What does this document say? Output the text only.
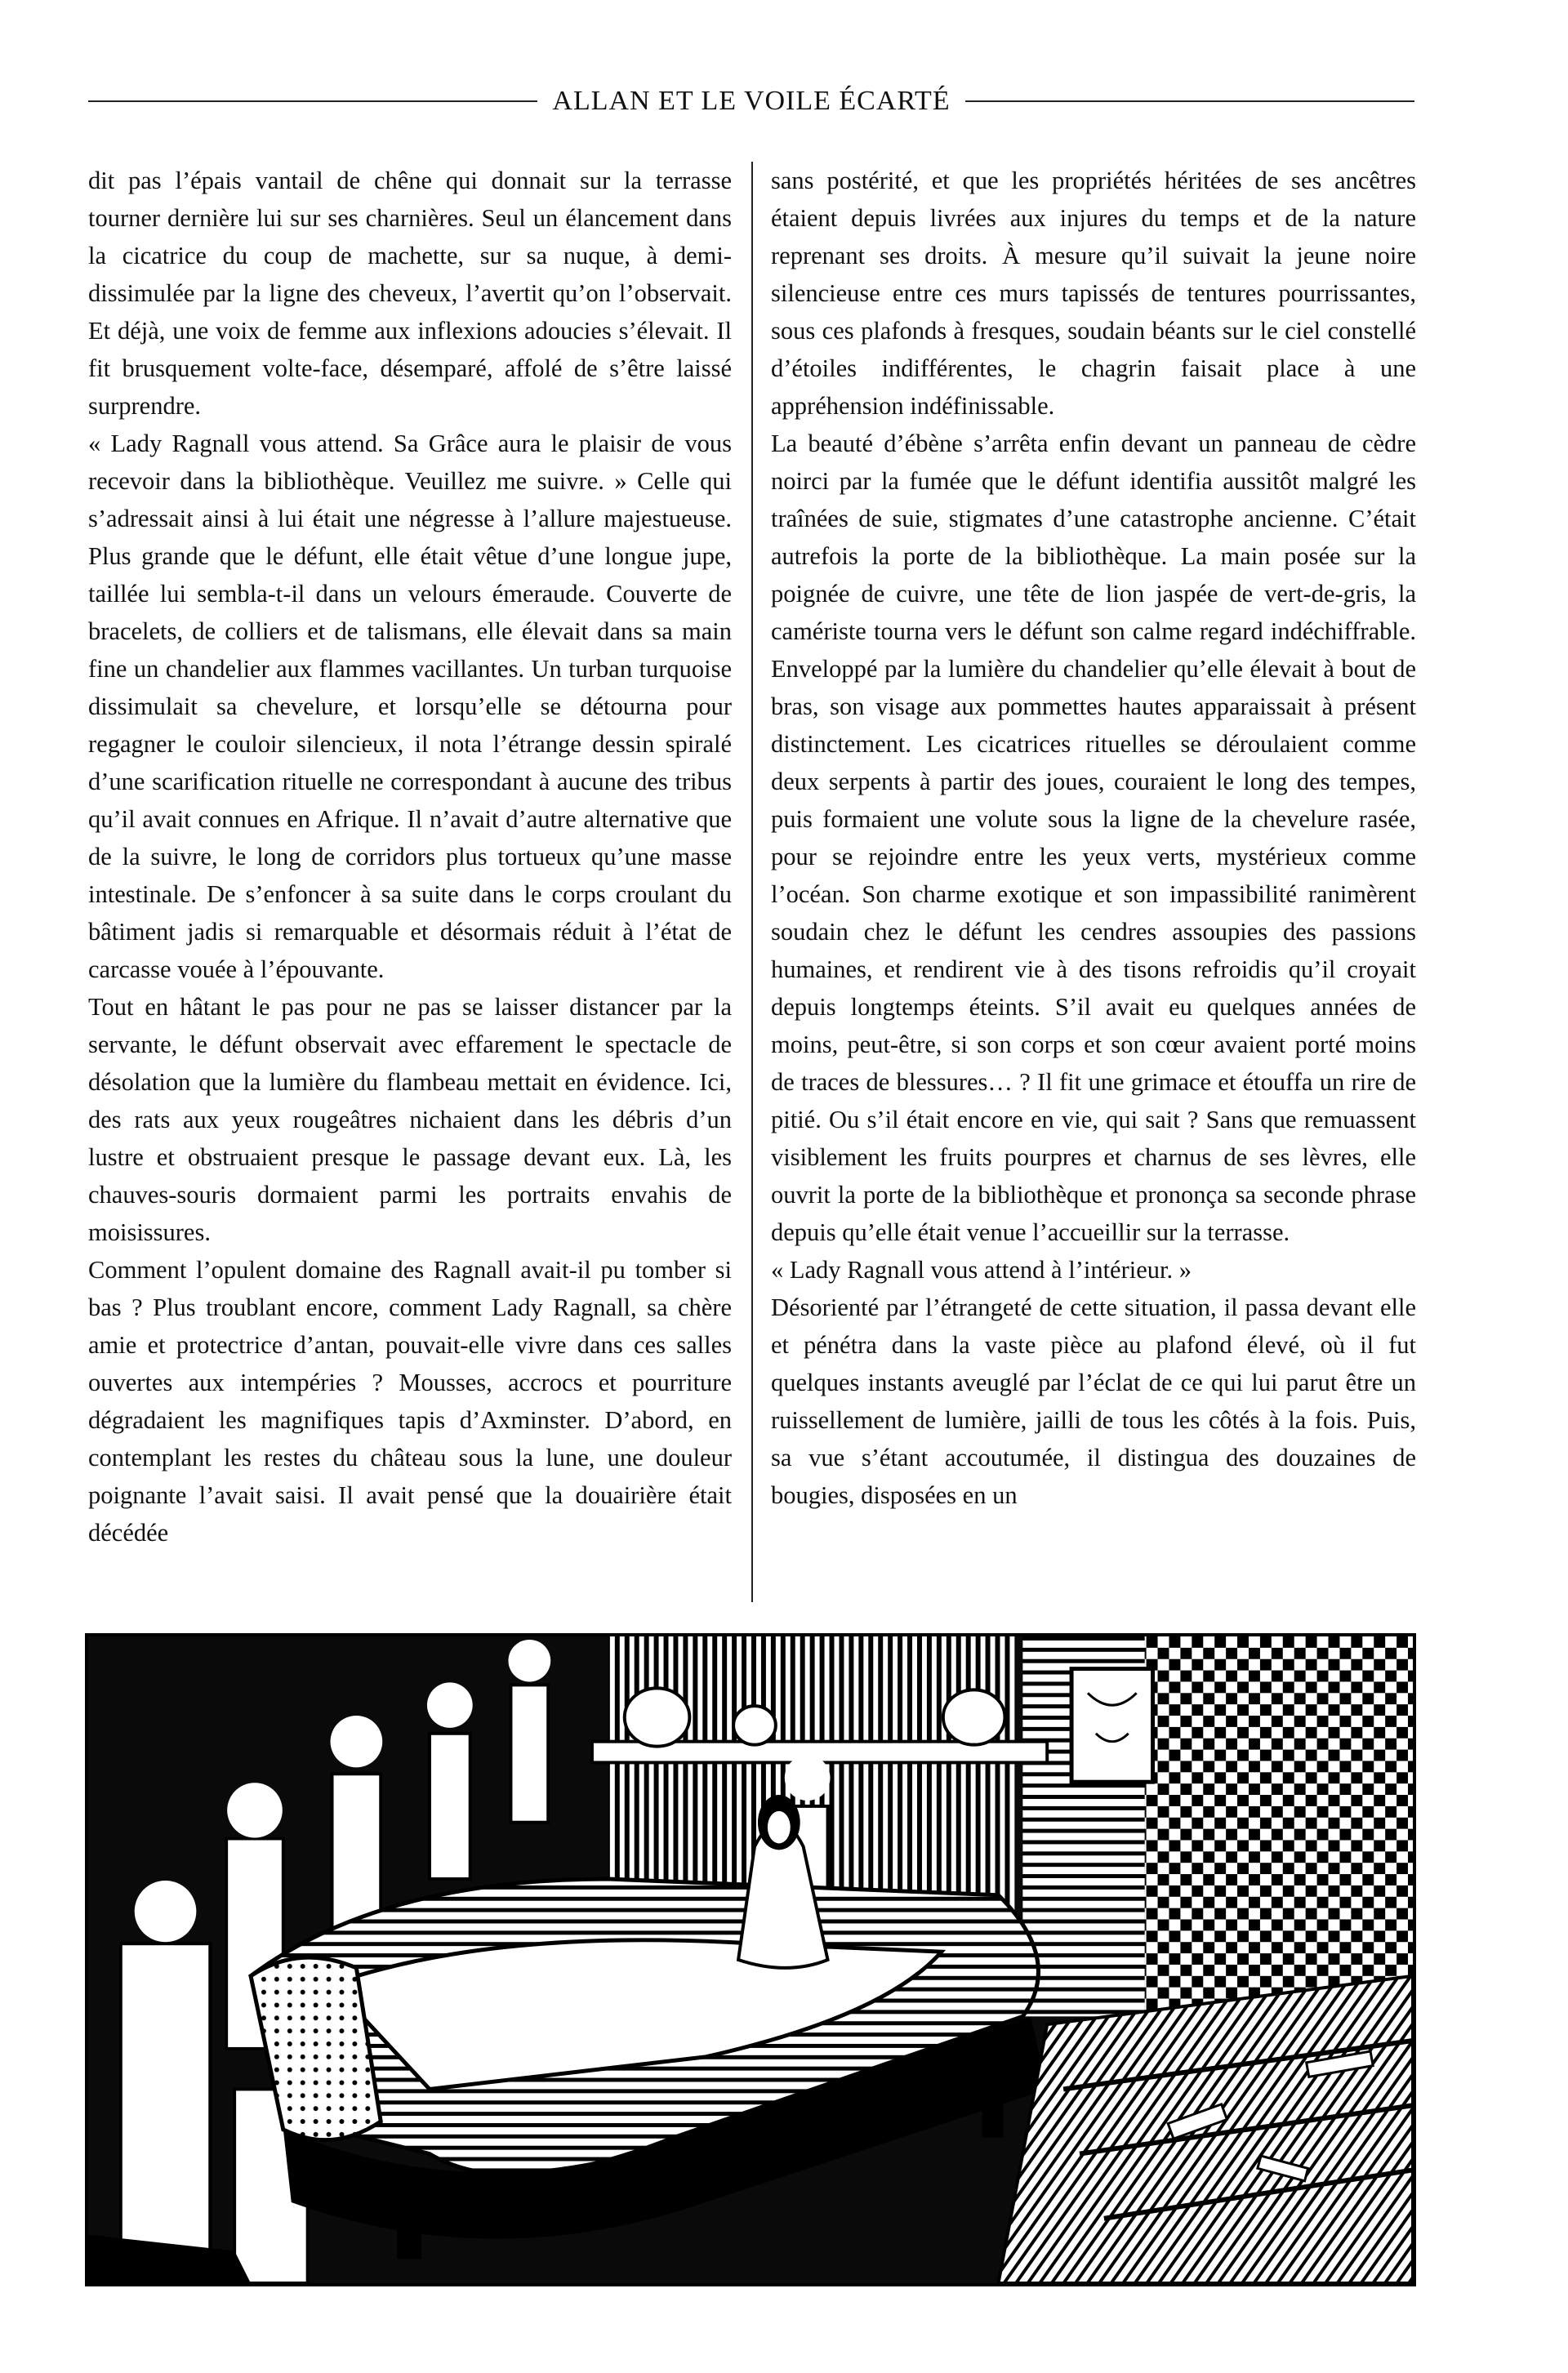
ALLAN ET LE VOILE ÉCARTÉ

dit pas l’épais vantail de chêne qui donnait sur la terrasse tourner dernière lui sur ses charnières. Seul un élancement dans la cicatrice du coup de machette, sur sa nuque, à demi-dissimulée par la ligne des cheveux, l’avertit qu’on l’observait. Et déjà, une voix de femme aux inflexions adoucies s’élevait. Il fit brusquement volte-face, désemparé, affolé de s’être laissé surprendre.

« Lady Ragnall vous attend. Sa Grâce aura le plaisir de vous recevoir dans la bibliothèque. Veuillez me suivre. » Celle qui s’adressait ainsi à lui était une négresse à l’allure majestueuse. Plus grande que le défunt, elle était vêtue d’une longue jupe, taillée lui sembla-t-il dans un velours émeraude. Couverte de bracelets, de colliers et de talismans, elle élevait dans sa main fine un chandelier aux flammes vacillantes. Un turban turquoise dissimulait sa chevelure, et lorsqu’elle se détourna pour regagner le couloir silencieux, il nota l’étrange dessin spiralé d’une scarification rituelle ne correspondant à aucune des tribus qu’il avait connues en Afrique. Il n’avait d’autre alternative que de la suivre, le long de corridors plus tortueux qu’une masse intestinale. De s’enfoncer à sa suite dans le corps croulant du bâtiment jadis si remarquable et désormais réduit à l’état de carcasse vouée à l’épouvante.

Tout en hâtant le pas pour ne pas se laisser distancer par la servante, le défunt observait avec effarement le spectacle de désolation que la lumière du flambeau mettait en évidence. Ici, des rats aux yeux rougeâtres nichaient dans les débris d’un lustre et obstruaient presque le passage devant eux. Là, les chauves-souris dormaient parmi les portraits envahis de moisissures.

Comment l’opulent domaine des Ragnall avait-il pu tomber si bas ? Plus troublant encore, comment Lady Ragnall, sa chère amie et protectrice d’antan, pouvait-elle vivre dans ces salles ouvertes aux intempéries ? Mousses, accrocs et pourriture dégradaient les magnifiques tapis d’Axminster. D’abord, en contemplant les restes du château sous la lune, une douleur poignante l’avait saisi. Il avait pensé que la douairière était décédée

sans postérité, et que les propriétés héritées de ses ancêtres étaient depuis livrées aux injures du temps et de la nature reprenant ses droits. À mesure qu’il suivait la jeune noire silencieuse entre ces murs tapissés de tentures pourrissantes, sous ces plafonds à fresques, soudain béants sur le ciel constellé d’étoiles indifférentes, le chagrin faisait place à une appréhension indéfinissable.

La beauté d’ébène s’arrêta enfin devant un panneau de cèdre noirci par la fumée que le défunt identifia aussitôt malgré les traînées de suie, stigmates d’une catastrophe ancienne. C’était autrefois la porte de la bibliothèque. La main posée sur la poignée de cuivre, une tête de lion jaspée de vert-de-gris, la caméristе tourna vers le défunt son calme regard indéchiffrable. Enveloppé par la lumière du chandelier qu’elle élevait à bout de bras, son visage aux pommettes hautes apparaissait à présent distinctement. Les cicatrices rituelles se déroulaient comme deux serpents à partir des joues, couraient le long des tempes, puis formaient une volute sous la ligne de la chevelure rasée, pour se rejoindre entre les yeux verts, mystérieux comme l’océan. Son charme exotique et son impassibilité ranimèrent soudain chez le défunt les cendres assoupies des passions humaines, et rendirent vie à des tisons refroidis qu’il croyait depuis longtemps éteints. S’il avait eu quelques années de moins, peut-être, si son corps et son cœur avaient porté moins de traces de blessures… ? Il fit une grimace et étouffa un rire de pitié. Ou s’il était encore en vie, qui sait ? Sans que remuassent visiblement les fruits pourpres et charnus de ses lèvres, elle ouvrit la porte de la bibliothèque et prononça sa seconde phrase depuis qu’elle était venue l’accueillir sur la terrasse.

« Lady Ragnall vous attend à l’intérieur. »

Désorienté par l’étrangeté de cette situation, il passa devant elle et pénétra dans la vaste pièce au plafond élevé, où il fut quelques instants aveuglé par l’éclat de ce qui lui parut être un ruissellement de lumière, jailli de tous les côtés à la fois. Puis, sa vue s’étant accoutumée, il distingua des douzaines de bougies, disposées en un
